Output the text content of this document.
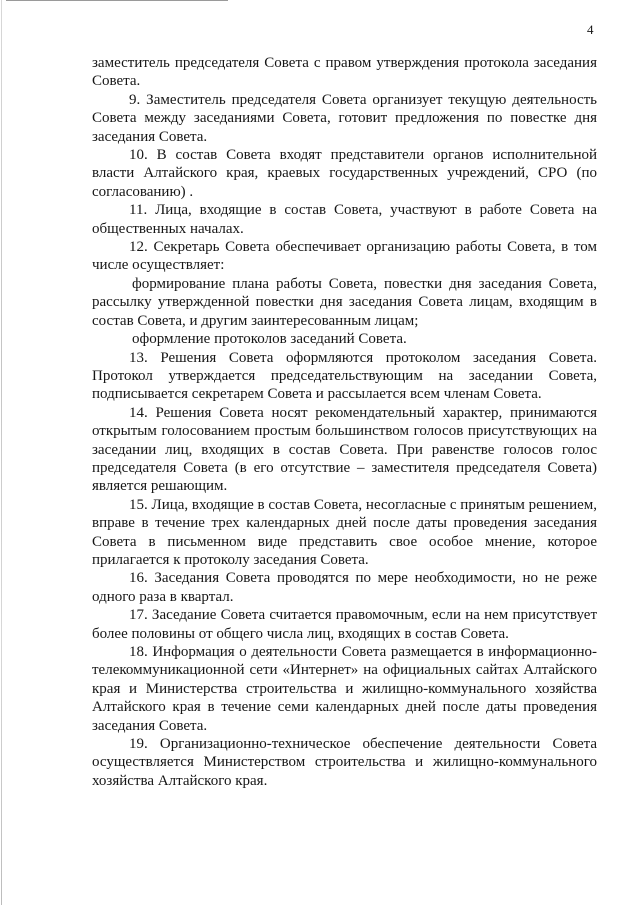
4

заместитель председателя Совета с правом утверждения протокола заседания Совета.

9. Заместитель председателя Совета организует текущую деятельность Совета между заседаниями Совета, готовит предложения по повестке дня заседания Совета.

10. В состав Совета входят представители органов исполнительной власти Алтайского края, краевых государственных учреждений, СРО (по согласованию) .

11. Лица, входящие в состав Совета, участвуют в работе Совета на общественных началах.

12. Секретарь Совета обеспечивает организацию работы Совета, в том числе осуществляет:

формирование плана работы Совета, повестки дня заседания Совета, рассылку утвержденной повестки дня заседания Совета лицам, входящим в состав Совета, и другим заинтересованным лицам;

оформление протоколов заседаний Совета.

13. Решения Совета оформляются протоколом заседания Совета. Протокол утверждается председательствующим на заседании Совета, подписывается секретарем Совета и рассылается всем членам Совета.

14. Решения Совета носят рекомендательный характер, принимаются открытым голосованием простым большинством голосов присутствующих на заседании лиц, входящих в состав Совета. При равенстве голосов голос председателя Совета (в его отсутствие – заместителя председателя Совета) является решающим.

15. Лица, входящие в состав Совета, несогласные с принятым решением, вправе в течение трех календарных дней после даты проведения заседания Совета в письменном виде представить свое особое мнение, которое прилагается к протоколу заседания Совета.

16. Заседания Совета проводятся по мере необходимости, но не реже одного раза в квартал.

17. Заседание Совета считается правомочным, если на нем присутствует более половины от общего числа лиц, входящих в состав Совета.

18. Информация о деятельности Совета размещается в информационно-телекоммуникационной сети «Интернет» на официальных сайтах Алтайского края и Министерства строительства и жилищно-коммунального хозяйства Алтайского края в течение семи календарных дней после даты проведения заседания Совета.

19. Организационно-техническое обеспечение деятельности Совета осуществляется Министерством строительства и жилищно-коммунального хозяйства Алтайского края.
